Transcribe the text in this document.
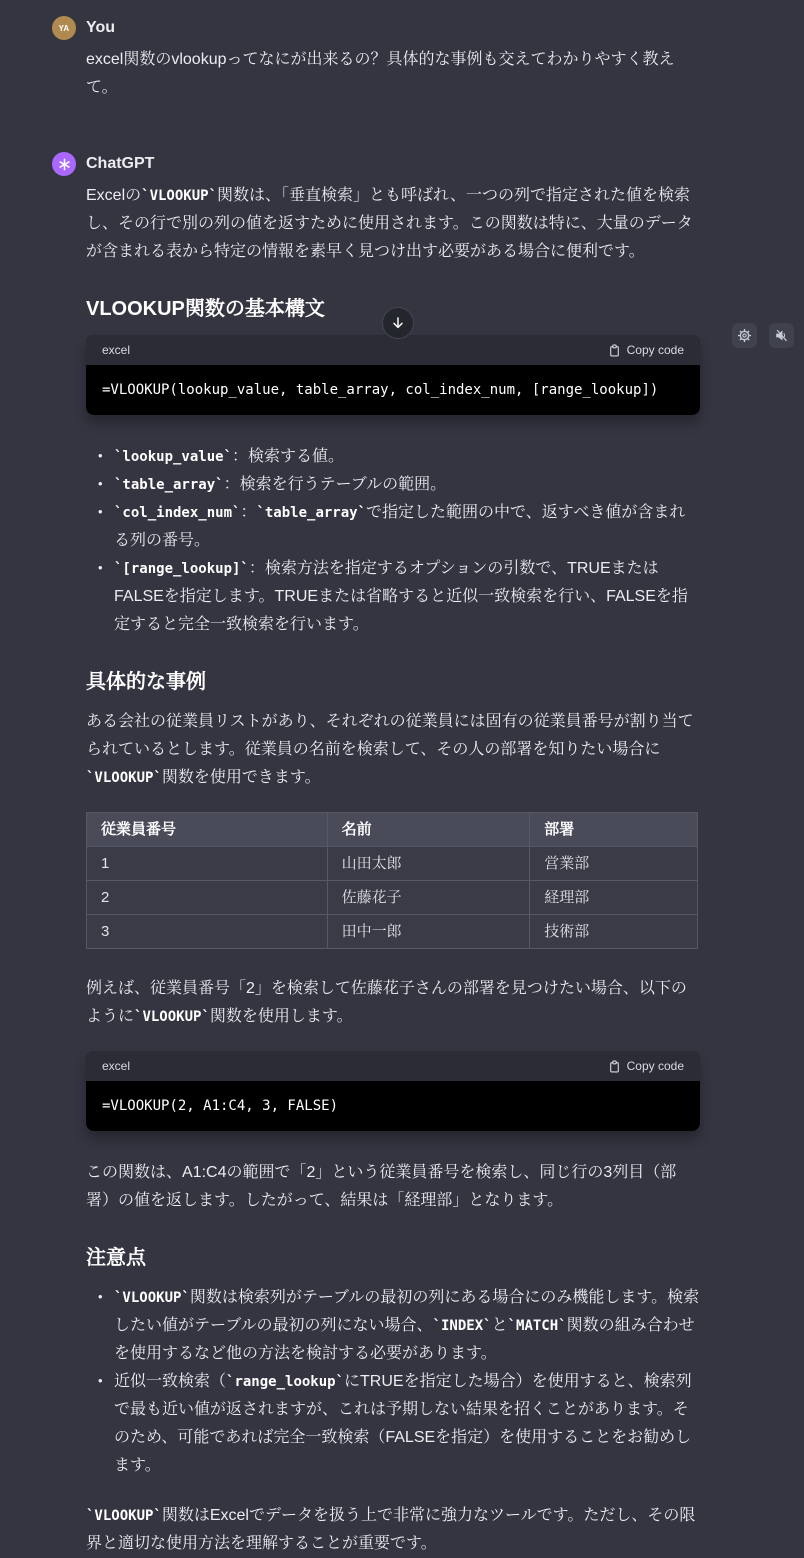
YA You

excel関数のvlookupってなにが出来るの？具体的な事例も交えてわかりやすく教えて。

ChatGPT

Excelの`VLOOKUP`関数は、「垂直検索」とも呼ばれ、一つの列で指定された値を検索し、その行で別の列の値を返すために使用されます。この関数は特に、大量のデータが含まれる表から特定の情報を素早く見つけ出す必要がある場合に便利です。

VLOOKUP関数の基本構文
excel	Copy code
=VLOOKUP(lookup_value, table_array, col_index_num, [range_lookup])
• `lookup_value`：検索する値。
• `table_array`：検索を行うテーブルの範囲。
• `col_index_num`：`table_array`で指定した範囲の中で、返すべき値が含まれる列の番号。
• `[range_lookup]`：検索方法を指定するオプションの引数で、TRUEまたはFALSEを指定します。TRUEまたは省略すると近似一致検索を行い、FALSEを指定すると完全一致検索を行います。
具体的な事例

ある会社の従業員リストがあり、それぞれの従業員には固有の従業員番号が割り当てられているとします。従業員の名前を検索して、その人の部署を知りたい場合に`VLOOKUP`関数を使用できます。

従業員番号	名前	部署
1	山田太郎	営業部
2	佐藤花子	経理部
3	田中一郎	技術部

例えば、従業員番号「2」を検索して佐藤花子さんの部署を見つけたい場合、以下のように`VLOOKUP`関数を使用します。

excel	Copy code
=VLOOKUP(2, A1:C4, 3, FALSE)

この関数は、A1:C4の範囲で「2」という従業員番号を検索し、同じ行の3列目（部署）の値を返します。したがって、結果は「経理部」となります。

注意点
• `VLOOKUP`関数は検索列がテーブルの最初の列にある場合にのみ機能します。検索したい値がテーブルの最初の列にない場合、`INDEX`と`MATCH`関数の組み合わせを使用するなど他の方法を検討する必要があります。
• 近似一致検索（`range_lookup`にTRUEを指定した場合）を使用すると、検索列で最も近い値が返されますが、これは予期しない結果を招くことがあります。そのため、可能であれば完全一致検索（FALSEを指定）を使用することをお勧めします。

`VLOOKUP`関数はExcelでデータを扱う上で非常に強力なツールです。ただし、その限界と適切な使用方法を理解することが重要です。
